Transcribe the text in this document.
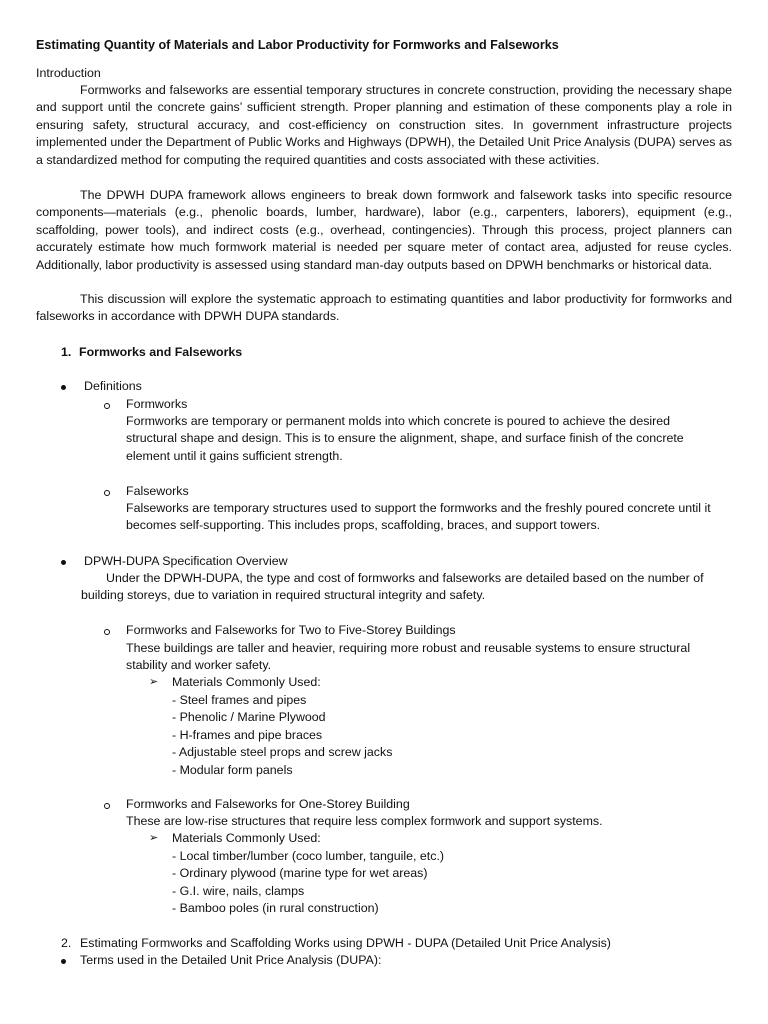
Estimating Quantity of Materials and Labor Productivity for Formworks and Falseworks
Introduction
Formworks and falseworks are essential temporary structures in concrete construction, providing the necessary shape and support until the concrete gains’ sufficient strength. Proper planning and estimation of these components play a role in ensuring safety, structural accuracy, and cost-efficiency on construction sites. In government infrastructure projects implemented under the Department of Public Works and Highways (DPWH), the Detailed Unit Price Analysis (DUPA) serves as a standardized method for computing the required quantities and costs associated with these activities.
The DPWH DUPA framework allows engineers to break down formwork and falsework tasks into specific resource components—materials (e.g., phenolic boards, lumber, hardware), labor (e.g., carpenters, laborers), equipment (e.g., scaffolding, power tools), and indirect costs (e.g., overhead, contingencies). Through this process, project planners can accurately estimate how much formwork material is needed per square meter of contact area, adjusted for reuse cycles. Additionally, labor productivity is assessed using standard man-day outputs based on DPWH benchmarks or historical data.
This discussion will explore the systematic approach to estimating quantities and labor productivity for formworks and falseworks in accordance with DPWH DUPA standards.
1. Formworks and Falseworks
Definitions
Formworks
Formworks are temporary or permanent molds into which concrete is poured to achieve the desired structural shape and design. This is to ensure the alignment, shape, and surface finish of the concrete element until it gains sufficient strength.
Falseworks
Falseworks are temporary structures used to support the formworks and the freshly poured concrete until it becomes self-supporting. This includes props, scaffolding, braces, and support towers.
DPWH-DUPA Specification Overview
Under the DPWH-DUPA, the type and cost of formworks and falseworks are detailed based on the number of building storeys, due to variation in required structural integrity and safety.
Formworks and Falseworks for Two to Five-Storey Buildings
These buildings are taller and heavier, requiring more robust and reusable systems to ensure structural stability and worker safety.
➢ Materials Commonly Used:
- Steel frames and pipes
- Phenolic / Marine Plywood
- H-frames and pipe braces
- Adjustable steel props and screw jacks
- Modular form panels
Formworks and Falseworks for One-Storey Building
These are low-rise structures that require less complex formwork and support systems.
➢ Materials Commonly Used:
- Local timber/lumber (coco lumber, tanguile, etc.)
- Ordinary plywood (marine type for wet areas)
- G.I. wire, nails, clamps
- Bamboo poles (in rural construction)
2. Estimating Formworks and Scaffolding Works using DPWH - DUPA (Detailed Unit Price Analysis)
Terms used in the Detailed Unit Price Analysis (DUPA):
